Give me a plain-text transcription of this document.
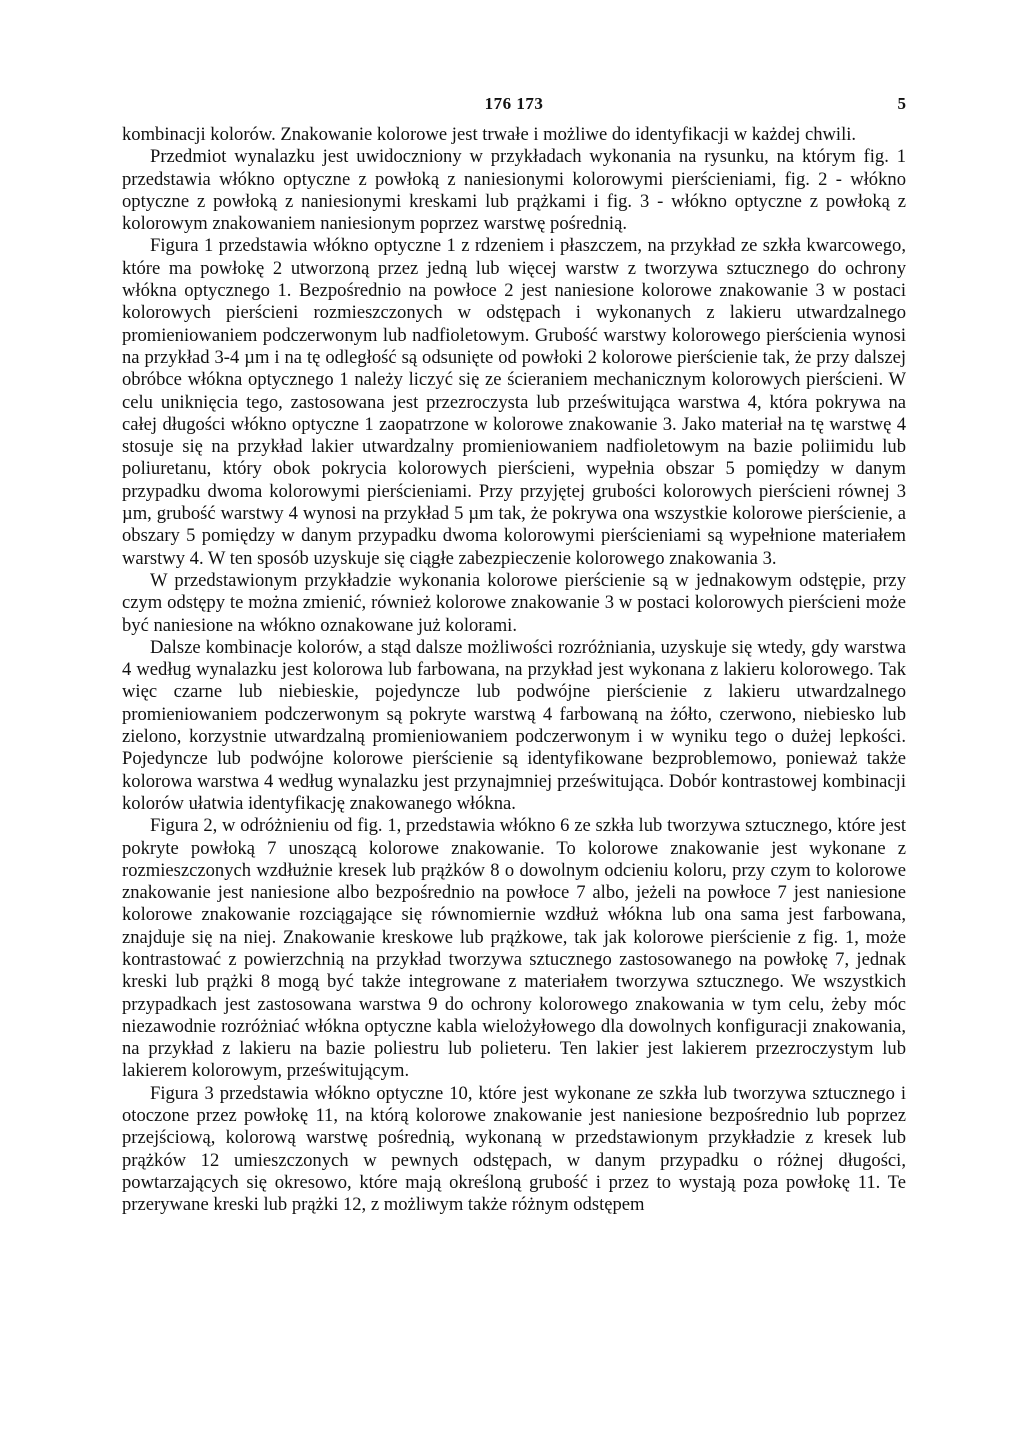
176 173	5

kombinacji kolorów. Znakowanie kolorowe jest trwałe i możliwe do identyfikacji w każdej chwili.

Przedmiot wynalazku jest uwidoczniony w przykładach wykonania na rysunku, na którym fig. 1 przedstawia włókno optyczne z powłoką z naniesionymi kolorowymi pierścieniami, fig. 2 - włókno optyczne z powłoką z naniesionymi kreskami lub prążkami i fig. 3 - włókno optyczne z powłoką z kolorowym znakowaniem naniesionym poprzez warstwę pośrednią.

Figura 1 przedstawia włókno optyczne 1 z rdzeniem i płaszczem, na przykład ze szkła kwarcowego, które ma powłokę 2 utworzoną przez jedną lub więcej warstw z tworzywa sztucznego do ochrony włókna optycznego 1. Bezpośrednio na powłoce 2 jest naniesione kolorowe znakowanie 3 w postaci kolorowych pierścieni rozmieszczonych w odstępach i wykonanych z lakieru utwardzalnego promieniowaniem podczerwonym lub nadfioletowym. Grubość warstwy kolorowego pierścienia wynosi na przykład 3-4 µm i na tę odległość są odsunięte od powłoki 2 kolorowe pierścienie tak, że przy dalszej obróbce włókna optycznego 1 należy liczyć się ze ścieraniem mechanicznym kolorowych pierścieni. W celu uniknięcia tego, zastosowana jest przezroczysta lub prześwitująca warstwa 4, która pokrywa na całej długości włókno optyczne 1 zaopatrzone w kolorowe znakowanie 3. Jako materiał na tę warstwę 4 stosuje się na przykład lakier utwardzalny promieniowaniem nadfioletowym na bazie poliimidu lub poliuretanu, który obok pokrycia kolorowych pierścieni, wypełnia obszar 5 pomiędzy w danym przypadku dwoma kolorowymi pierścieniami. Przy przyjętej grubości kolorowych pierścieni równej 3 µm, grubość warstwy 4 wynosi na przykład 5 µm tak, że pokrywa ona wszystkie kolorowe pierścienie, a obszary 5 pomiędzy w danym przypadku dwoma kolorowymi pierścieniami są wypełnione materiałem warstwy 4. W ten sposób uzyskuje się ciągłe zabezpieczenie kolorowego znakowania 3.

W przedstawionym przykładzie wykonania kolorowe pierścienie są w jednakowym odstępie, przy czym odstępy te można zmienić, również kolorowe znakowanie 3 w postaci kolorowych pierścieni może być naniesione na włókno oznakowane już kolorami.

Dalsze kombinacje kolorów, a stąd dalsze możliwości rozróżniania, uzyskuje się wtedy, gdy warstwa 4 według wynalazku jest kolorowa lub farbowana, na przykład jest wykonana z lakieru kolorowego. Tak więc czarne lub niebieskie, pojedyncze lub podwójne pierścienie z lakieru utwardzalnego promieniowaniem podczerwonym są pokryte warstwą 4 farbowaną na żółto, czerwono, niebiesko lub zielono, korzystnie utwardzalną promieniowaniem podczerwonym i w wyniku tego o dużej lepkości. Pojedyncze lub podwójne kolorowe pierścienie są identyfikowane bezproblemowo, ponieważ także kolorowa warstwa 4 według wynalazku jest przynajmniej prześwitująca. Dobór kontrastowej kombinacji kolorów ułatwia identyfikację znakowanego włókna.

Figura 2, w odróżnieniu od fig. 1, przedstawia włókno 6 ze szkła lub tworzywa sztucznego, które jest pokryte powłoką 7 unoszącą kolorowe znakowanie. To kolorowe znakowanie jest wykonane z rozmieszczonych wzdłużnie kresek lub prążków 8 o dowolnym odcieniu koloru, przy czym to kolorowe znakowanie jest naniesione albo bezpośrednio na powłoce 7 albo, jeżeli na powłoce 7 jest naniesione kolorowe znakowanie rozciągające się równomiernie wzdłuż włókna lub ona sama jest farbowana, znajduje się na niej. Znakowanie kreskowe lub prążkowe, tak jak kolorowe pierścienie z fig. 1, może kontrastować z powierzchnią na przykład tworzywa sztucznego zastosowanego na powłokę 7, jednak kreski lub prążki 8 mogą być także integrowane z materiałem tworzywa sztucznego. We wszystkich przypadkach jest zastosowana warstwa 9 do ochrony kolorowego znakowania w tym celu, żeby móc niezawodnie rozróżniać włókna optyczne kabla wielożyłowego dla dowolnych konfiguracji znakowania, na przykład z lakieru na bazie poliestru lub polieteru. Ten lakier jest lakierem przezroczystym lub lakierem kolorowym, prześwitującym.

Figura 3 przedstawia włókno optyczne 10, które jest wykonane ze szkła lub tworzywa sztucznego i otoczone przez powłokę 11, na którą kolorowe znakowanie jest naniesione bezpośrednio lub poprzez przejściową, kolorową warstwę pośrednią, wykonaną w przedstawionym przykładzie z kresek lub prążków 12 umieszczonych w pewnych odstępach, w danym przypadku o różnej długości, powtarzających się okresowo, które mają określoną grubość i przez to wystają poza powłokę 11. Te przerywane kreski lub prążki 12, z możliwym także różnym odstępem
